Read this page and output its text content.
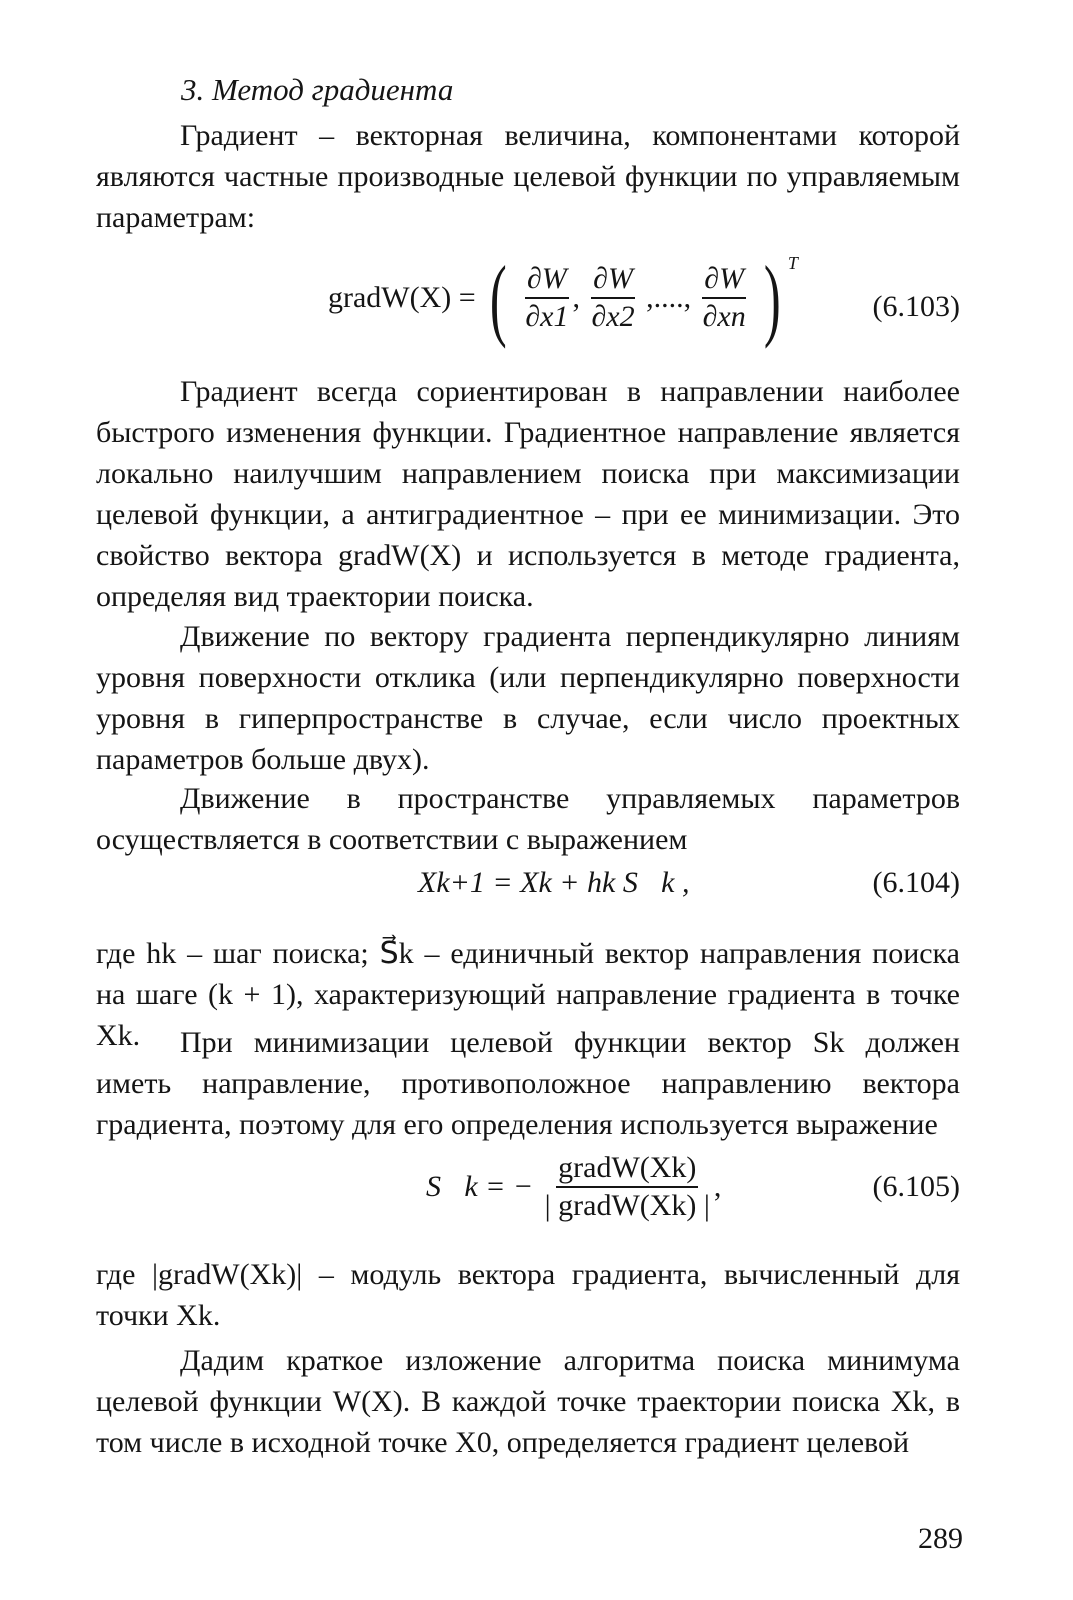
3. Метод градиента

Градиент – векторная величина, компонентами которой являются частные производные целевой функции по управляемым параметрам:

gradW(X) = ( $\frac{\partial W}{\partial x1}$ , $\frac{\partial W}{\partial x2}$ ,...., $\frac{\partial W}{\partial xn}$ ) $^T$
(6.103)

Градиент всегда сориентирован в направлении наиболее быстрого изменения функции. Градиентное направление является локально наилучшим направлением поиска при максимизации целевой функции, а антиградиентное – при ее минимизации. Это свойство вектора gradW(X) и используется в методе градиента, определяя вид траектории поиска.

Движение по вектору градиента перпендикулярно линиям уровня поверхности отклика (или перпендикулярно поверхности уровня в гиперпространстве в случае, если число проектных параметров больше двух).

Движение в пространстве управляемых параметров осуществляется в соответствии с выражением

Xk+1 = Xk + hk S⃗k ,	(6.104)

где hk – шаг поиска; S⃗k – единичный вектор направления поиска на шаге (k + 1), характеризующий направление градиента в точке Xk.	При минимизации целевой функции вектор Sk должен иметь направление, противоположное направлению вектора градиента, поэтому для его определения используется выражение

S⃗k = − $\frac{\text{gradW(Xk)}}{\text{| gradW(Xk) |}}$ ,	(6.105)

где |gradW(Xk)| – модуль вектора градиента, вычисленный для точки Xk.

Дадим краткое изложение алгоритма поиска минимума целевой функции W(X). В каждой точке траектории поиска Xk, в том числе в исходной точке X0, определяется градиент целевой

289
